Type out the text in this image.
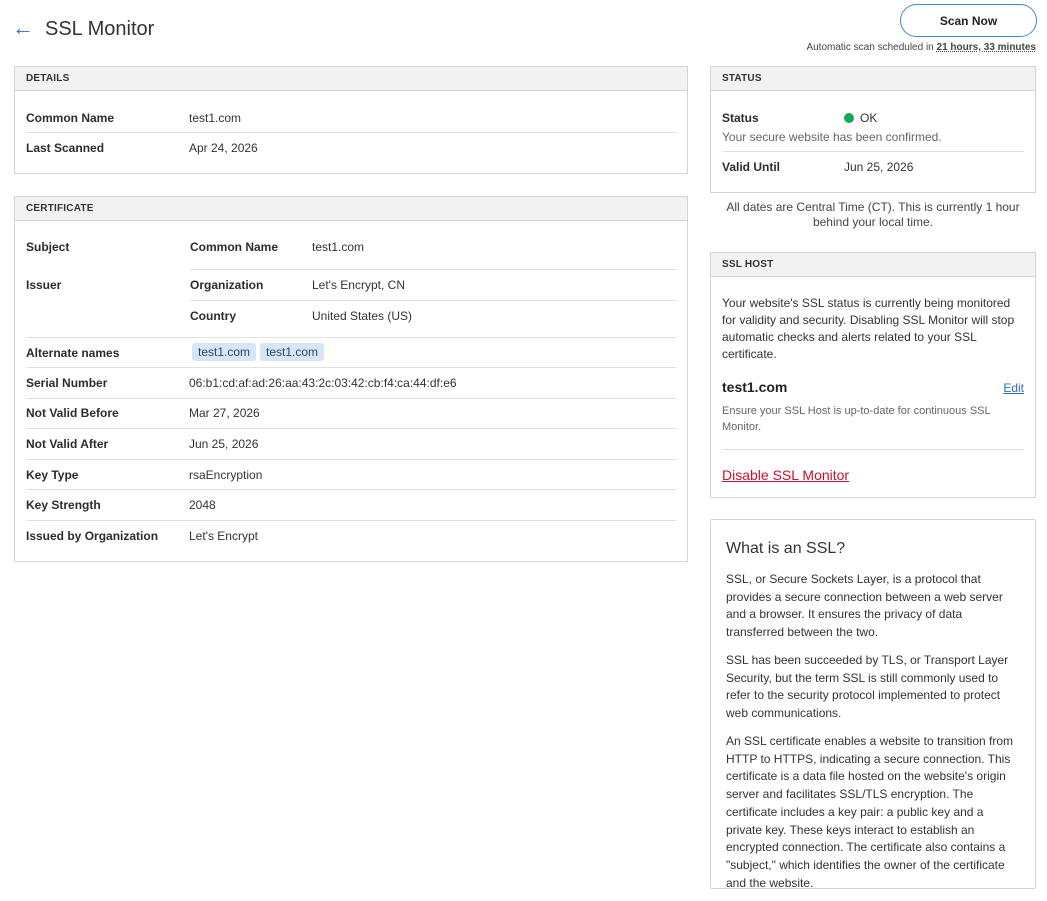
← SSL Monitor	Scan Now
Automatic scan scheduled in 21 hours, 33 minutes
DETAILS
Common Name	test1.com
Last Scanned	Apr 24, 2026
CERTIFICATE
Subject	Common Name	test1.com
Issuer	Organization	Let's Encrypt, CN
Country	United States (US)
Alternate names	test1.com test1.com
Serial Number	06:b1:cd:af:ad:26:aa:43:2c:03:42:cb:f4:ca:44:df:e6
Not Valid Before	Mar 27, 2026
Not Valid After	Jun 25, 2026
Key Type	rsaEncryption
Key Strength	2048
Issued by Organization	Let's Encrypt
STATUS
Status	OK
Your secure website has been confirmed.
Valid Until	Jun 25, 2026
All dates are Central Time (CT). This is currently 1 hour behind your local time.
SSL HOST
Your website's SSL status is currently being monitored for validity and security. Disabling SSL Monitor will stop automatic checks and alerts related to your SSL certificate.
test1.com	Edit
Ensure your SSL Host is up-to-date for continuous SSL Monitor.
Disable SSL Monitor
What is an SSL?
SSL, or Secure Sockets Layer, is a protocol that provides a secure connection between a web server and a browser. It ensures the privacy of data transferred between the two.
SSL has been succeeded by TLS, or Transport Layer Security, but the term SSL is still commonly used to refer to the security protocol implemented to protect web communications.
An SSL certificate enables a website to transition from HTTP to HTTPS, indicating a secure connection. This certificate is a data file hosted on the website's origin server and facilitates SSL/TLS encryption. The certificate includes a key pair: a public key and a private key. These keys interact to establish an encrypted connection. The certificate also contains a "subject," which identifies the owner of the certificate and the website.
